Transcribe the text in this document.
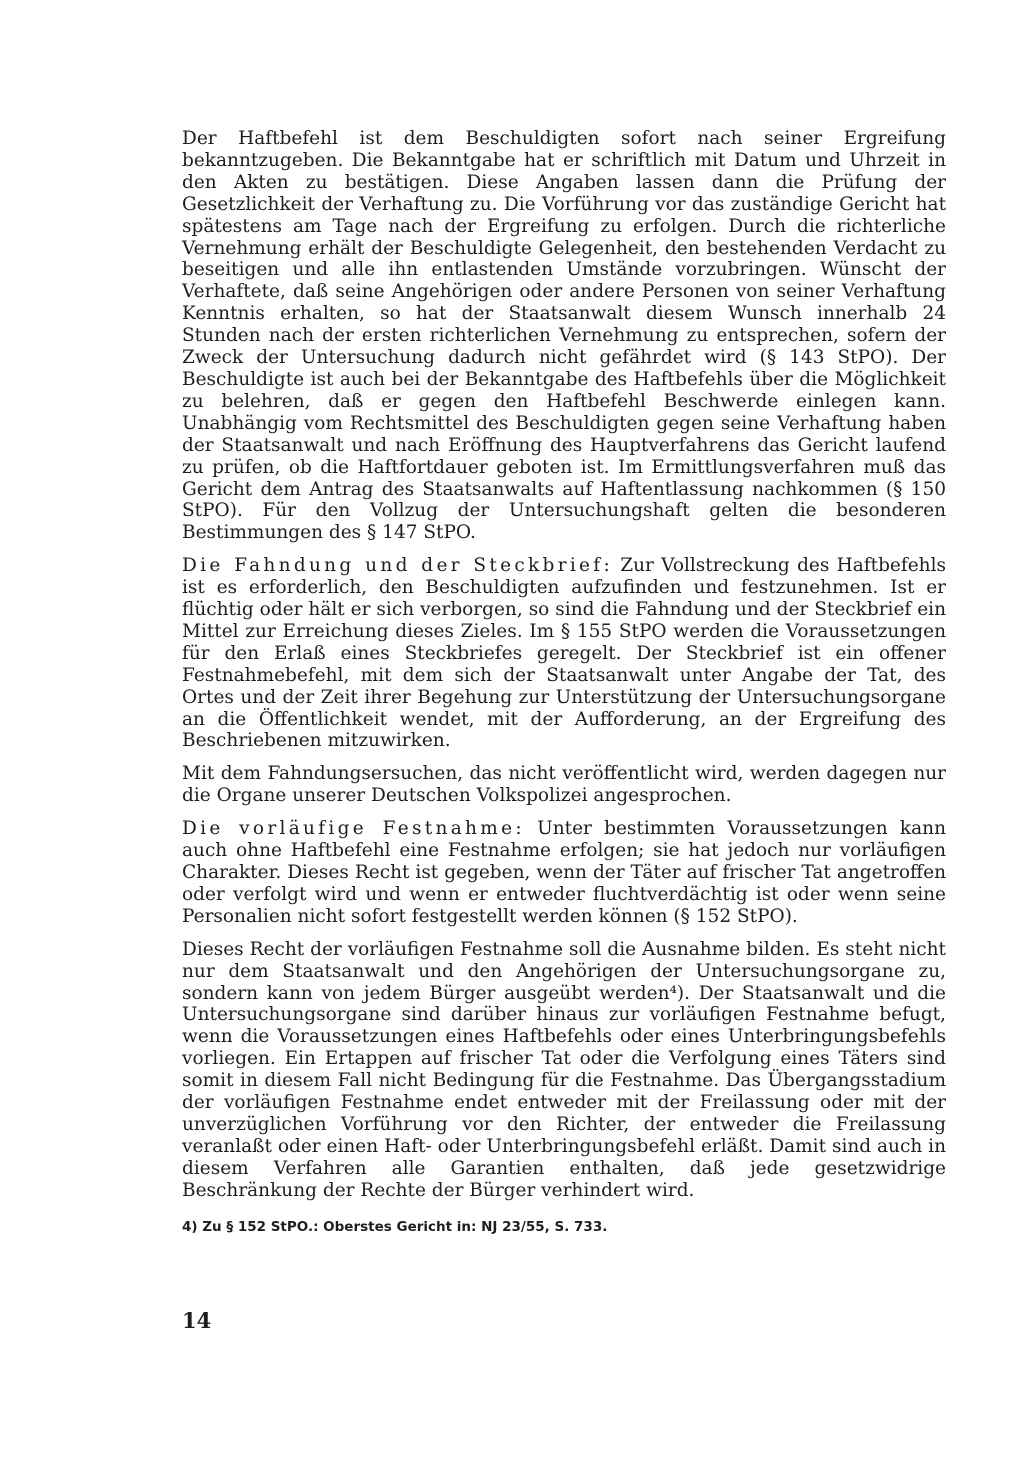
Der Haftbefehl ist dem Beschuldigten sofort nach seiner Ergreifung bekanntzugeben. Die Bekanntgabe hat er schriftlich mit Datum und Uhrzeit in den Akten zu bestätigen. Diese Angaben lassen dann die Prüfung der Gesetzlichkeit der Verhaftung zu. Die Vorführung vor das zuständige Gericht hat spätestens am Tage nach der Ergreifung zu erfolgen. Durch die richterliche Vernehmung erhält der Beschuldigte Gelegenheit, den bestehenden Verdacht zu beseitigen und alle ihn entlastenden Umstände vorzubringen. Wünscht der Verhaftete, daß seine Angehörigen oder andere Personen von seiner Verhaftung Kenntnis erhalten, so hat der Staatsanwalt diesem Wunsch innerhalb 24 Stunden nach der ersten richterlichen Vernehmung zu entsprechen, sofern der Zweck der Untersuchung dadurch nicht gefährdet wird (§ 143 StPO). Der Beschuldigte ist auch bei der Bekanntgabe des Haftbefehls über die Möglichkeit zu belehren, daß er gegen den Haftbefehl Beschwerde einlegen kann. Unabhängig vom Rechtsmittel des Beschuldigten gegen seine Verhaftung haben der Staatsanwalt und nach Eröffnung des Hauptverfahrens das Gericht laufend zu prüfen, ob die Haftfortdauer geboten ist. Im Ermittlungsverfahren muß das Gericht dem Antrag des Staatsanwalts auf Haftentlassung nachkommen (§ 150 StPO). Für den Vollzug der Untersuchungshaft gelten die besonderen Bestimmungen des § 147 StPO.

Die Fahndung und der Steckbrief: Zur Vollstreckung des Haftbefehls ist es erforderlich, den Beschuldigten aufzufinden und festzunehmen. Ist er flüchtig oder hält er sich verborgen, so sind die Fahndung und der Steckbrief ein Mittel zur Erreichung dieses Zieles. Im § 155 StPO werden die Voraussetzungen für den Erlaß eines Steckbriefes geregelt. Der Steckbrief ist ein offener Festnahmebefehl, mit dem sich der Staatsanwalt unter Angabe der Tat, des Ortes und der Zeit ihrer Begehung zur Unterstützung der Untersuchungsorgane an die Öffentlichkeit wendet, mit der Aufforderung, an der Ergreifung des Beschriebenen mitzuwirken.

Mit dem Fahndungsersuchen, das nicht veröffentlicht wird, werden dagegen nur die Organe unserer Deutschen Volkspolizei angesprochen.

Die vorläufige Festnahme: Unter bestimmten Voraussetzungen kann auch ohne Haftbefehl eine Festnahme erfolgen; sie hat jedoch nur vorläufigen Charakter. Dieses Recht ist gegeben, wenn der Täter auf frischer Tat angetroffen oder verfolgt wird und wenn er entweder fluchtverdächtig ist oder wenn seine Personalien nicht sofort festgestellt werden können (§ 152 StPO).

Dieses Recht der vorläufigen Festnahme soll die Ausnahme bilden. Es steht nicht nur dem Staatsanwalt und den Angehörigen der Untersuchungsorgane zu, sondern kann von jedem Bürger ausgeübt werden⁴). Der Staatsanwalt und die Untersuchungsorgane sind darüber hinaus zur vorläufigen Festnahme befugt, wenn die Voraussetzungen eines Haftbefehls oder eines Unterbringungsbefehls vorliegen. Ein Ertappen auf frischer Tat oder die Verfolgung eines Täters sind somit in diesem Fall nicht Bedingung für die Festnahme. Das Übergangsstadium der vorläufigen Festnahme endet entweder mit der Freilassung oder mit der unverzüglichen Vorführung vor den Richter, der entweder die Freilassung veranlaßt oder einen Haft- oder Unterbringungsbefehl erläßt. Damit sind auch in diesem Verfahren alle Garantien enthalten, daß jede gesetzwidrige Beschränkung der Rechte der Bürger verhindert wird.

4) Zu § 152 StPO.: Oberstes Gericht in: NJ 23/55, S. 733.

14
